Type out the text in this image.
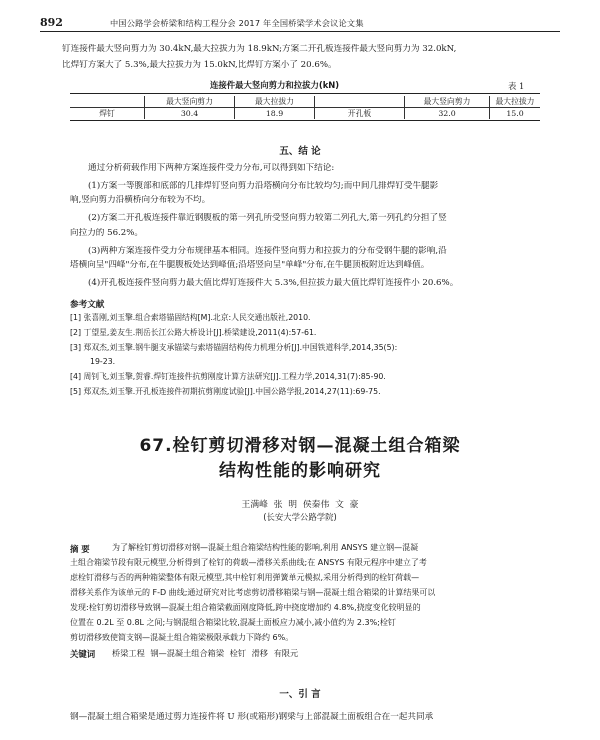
892	中国公路学会桥梁和结构工程分会 2017 年全国桥梁学术会议论文集
钉连接件最大竖向剪力为 30.4kN,最大拉拔力为 18.9kN;方案二开孔板连接件最大竖向剪力为 32.0kN,
比焊钉方案大了 5.3%,最大拉拔力为 15.0kN,比焊钉方案小了 20.6%。
连接件最大竖向剪力和拉拔力(kN)	表 1
	最大竖向剪力	最大拉拔力		最大竖向剪力	最大拉拔力
焊钉	30.4	18.9	开孔板	32.0	15.0
五、结 论
通过分析荷载作用下两种方案连接件受力分布,可以得到如下结论:
(1)方案一等腹部和底部的几排焊钉竖向剪力沿塔横向分布比较均匀;而中间几排焊钉受牛腿影
响,竖向剪力沿横桥向分布较为不均。
(2)方案二开孔板连接件靠近钢腹板的第一列孔所受竖向剪力较第二列孔大,第一列孔约分担了竖
向拉力的 56.2%。
(3)两种方案连接件受力分布规律基本相同。连接件竖向剪力和拉拔力的分布受钢牛腿的影响,沿
塔横向呈"四峰"分布,在牛腿腹板处达到峰值;沿塔竖向呈"单峰"分布,在牛腿顶板附近达到峰值。
(4)开孔板连接件竖向剪力最大值比焊钉连接件大 5.3%,但拉拔力最大值比焊钉连接件小 20.6%。
参考文献
[1] 张喜刚,刘玉擎.组合索塔锚固结构[M].北京:人民交通出版社,2010.
[2] 丁望星,姜友生.荆岳长江公路大桥设计[J].桥梁建设,2011(4):57-61.
[3] 郑双杰,刘玉擎.钢牛腿支承锚梁与索塔锚固结构传力机理分析[J].中国铁道科学,2014,35(5):
19-23.
[4] 周钊飞,刘玉擎,贺睿.焊钉连接件抗剪刚度计算方法研究[J].工程力学,2014,31(7):85-90.
[5] 郑双杰,刘玉擎.开孔板连接件初期抗剪刚度试验[J].中国公路学报,2014,27(11):69-75.
67.栓钉剪切滑移对钢—混凝土组合箱梁
结构性能的影响研究
王满峰 张 明 侯秦伟 文 豪
(长安大学公路学院)
摘 要	为了解栓钉剪切滑移对钢—混凝土组合箱梁结构性能的影响,利用 ANSYS 建立钢—混凝
土组合箱梁节段有限元模型,分析得到了栓钉的荷载—滑移关系曲线;在 ANSYS 有限元程序中建立了考
虑栓钉滑移与否的两种箱梁整体有限元模型,其中栓钉利用弹簧单元模拟,采用分析得到的栓钉荷载—
滑移关系作为该单元的 F-D 曲线;通过研究对比考虑剪切滑移箱梁与钢—混凝土组合箱梁的计算结果可以
发现:栓钉剪切滑移导致钢—混凝土组合箱梁截面刚度降低,跨中挠度增加约 4.8%,挠度变化较明显的
位置在 0.2L 至 0.8L 之间;与钢混组合箱梁比较,混凝土面板应力减小,减小值约为 2.3%;栓钉
剪切滑移致使简支钢—混凝土组合箱梁极限承载力下降约 6%。
关键词 桥梁工程 钢—混凝土组合箱梁 栓钉 滑移 有限元
一、引 言
钢—混凝土组合箱梁是通过剪力连接件将 U 形(或箱形)钢梁与上部混凝土面板组合在一起共同承
